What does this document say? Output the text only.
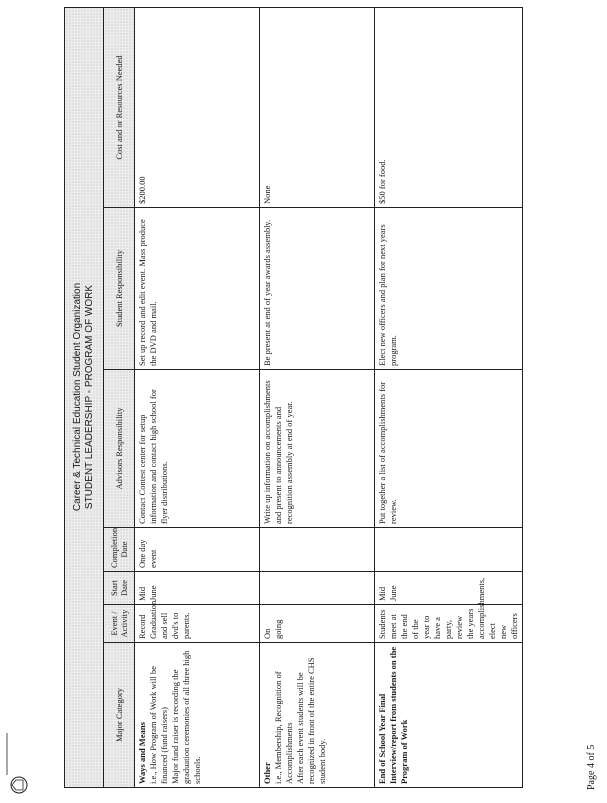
Page 4 of 5
Career & Technical Education Student Organization
STUDENT LEADERSHIP - PROGRAM OF WORK						

Major Category	Event / Activity	Start Date	Completion Date	Advisors Responsibility	Student Responsibility	Cost and or Resources Needed

Ways and Means i.e., How Program of Work will be financed (fund raisers) Major fund raiser is recording the graduation ceremonies of all three high schools.	Record Graduation and sell dvd's to parents.	Mid June	One day event	Contact Contest center for setup information and contact high school for flyer distributions.	Set up record and edit event. Mass produce the DVD and mail.	$200.00

Other i.e., Membership, Recognition of Accomplishments After each event students will be recognized in front of the entire CHS student body.	On going			Write up information on accomplishments and present to announcements and recognition assembly at end of year.	Be present at end of year awards assembly.	None

End of School Year Final Interview/report from students on the Program of Work	Students meet at the end of the year to have a party, review the years accomplishments, elect new officers	Mid June		Put together a list of accomplishments for review.	Elect new officers and plan for next years program.	$50 for food.
